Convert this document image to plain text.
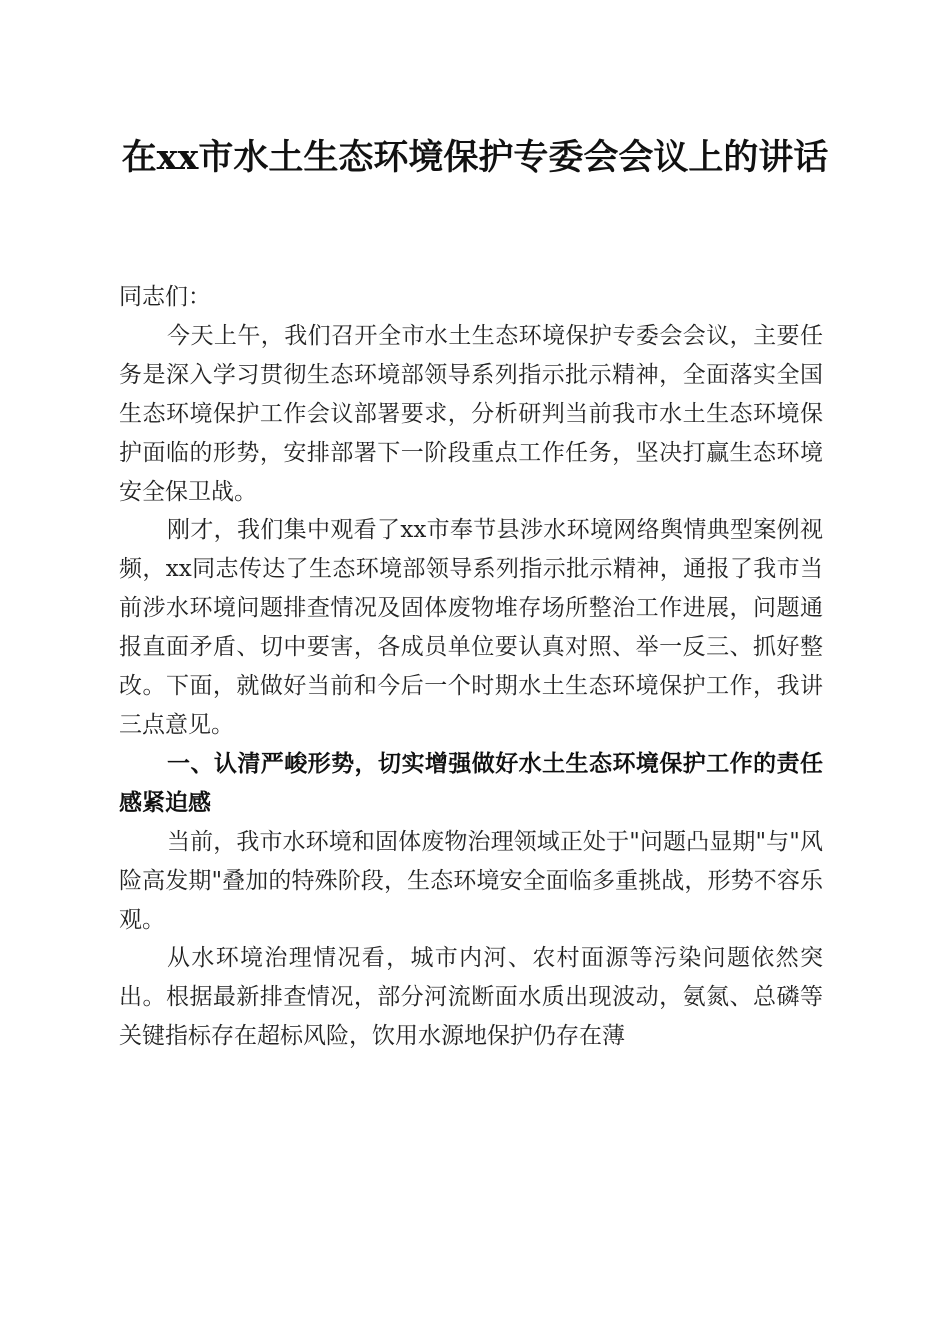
在xx市水土生态环境保护专委会会议上的讲话

同志们：

今天上午，我们召开全市水土生态环境保护专委会会议，主要任务是深入学习贯彻生态环境部领导系列指示批示精神，全面落实全国生态环境保护工作会议部署要求，分析研判当前我市水土生态环境保护面临的形势，安排部署下一阶段重点工作任务，坚决打赢生态环境安全保卫战。

刚才，我们集中观看了xx市奉节县涉水环境网络舆情典型案例视频，xx同志传达了生态环境部领导系列指示批示精神，通报了我市当前涉水环境问题排查情况及固体废物堆存场所整治工作进展，问题通报直面矛盾、切中要害，各成员单位要认真对照、举一反三、抓好整改。下面，就做好当前和今后一个时期水土生态环境保护工作，我讲三点意见。

一、认清严峻形势，切实增强做好水土生态环境保护工作的责任感紧迫感

当前，我市水环境和固体废物治理领域正处于"问题凸显期"与"风险高发期"叠加的特殊阶段，生态环境安全面临多重挑战，形势不容乐观。

从水环境治理情况看，城市内河、农村面源等污染问题依然突出。根据最新排查情况，部分河流断面水质出现波动，氨氮、总磷等关键指标存在超标风险，饮用水源地保护仍存在薄
